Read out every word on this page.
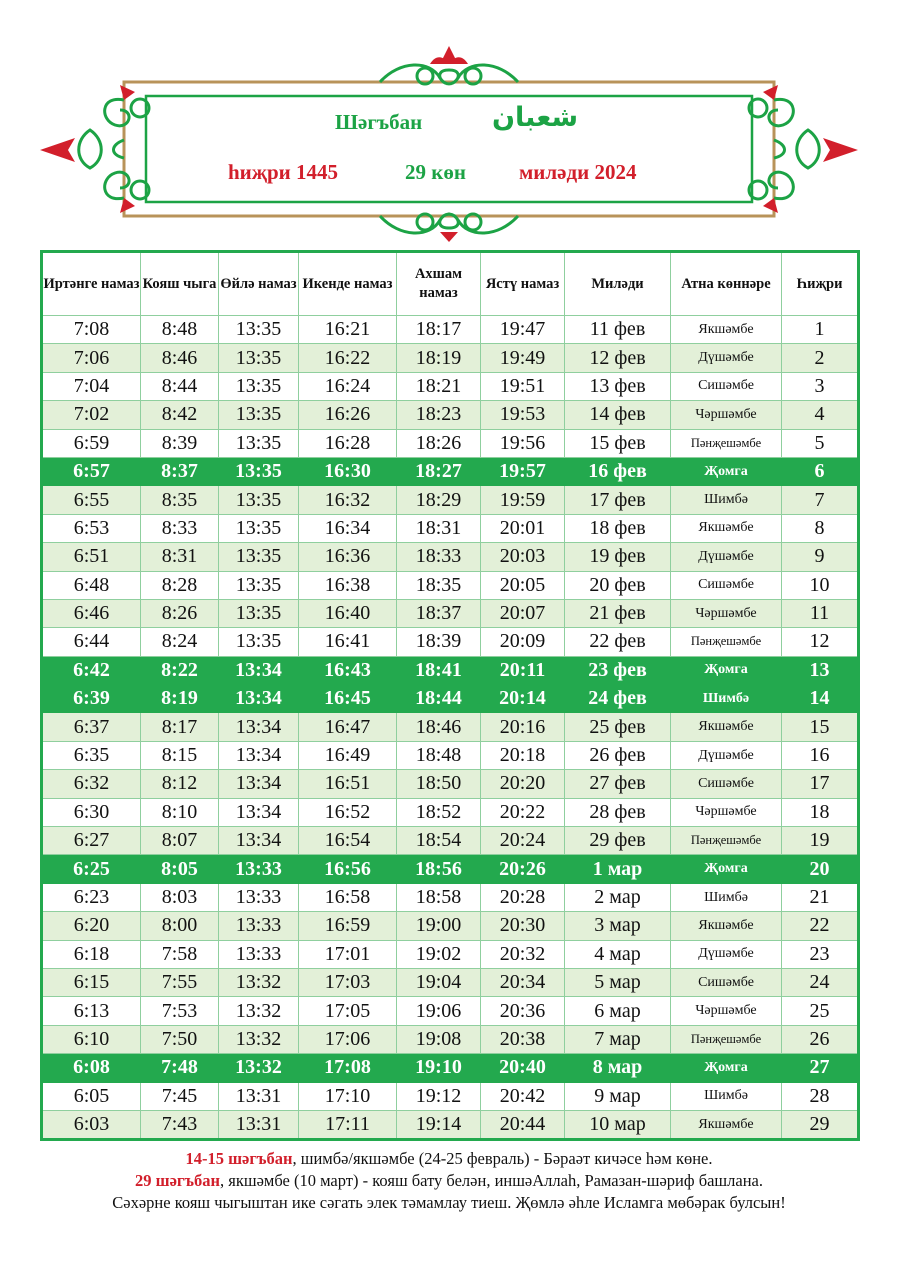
Шәгъбан	شعبان
һиҗри 1445	29 көн	миләди 2024
Иртәнге намаз	Кояш чыга	Өйлә намаз	Икенде намаз	Ахшам намаз	Ястү намаз	Миләди	Атна көннәре	Һиҗри
7:08	8:48	13:35	16:21	18:17	19:47	11 фев	Якшәмбе	1
7:06	8:46	13:35	16:22	18:19	19:49	12 фев	Дүшәмбе	2
7:04	8:44	13:35	16:24	18:21	19:51	13 фев	Сишәмбе	3
7:02	8:42	13:35	16:26	18:23	19:53	14 фев	Чәршәмбе	4
6:59	8:39	13:35	16:28	18:26	19:56	15 фев	Пәнҗешәмбе	5
6:57	8:37	13:35	16:30	18:27	19:57	16 фев	Җомга	6
6:55	8:35	13:35	16:32	18:29	19:59	17 фев	Шимбә	7
6:53	8:33	13:35	16:34	18:31	20:01	18 фев	Якшәмбе	8
6:51	8:31	13:35	16:36	18:33	20:03	19 фев	Дүшәмбе	9
6:48	8:28	13:35	16:38	18:35	20:05	20 фев	Сишәмбе	10
6:46	8:26	13:35	16:40	18:37	20:07	21 фев	Чәршәмбе	11
6:44	8:24	13:35	16:41	18:39	20:09	22 фев	Пәнҗешәмбе	12
6:42	8:22	13:34	16:43	18:41	20:11	23 фев	Җомга	13
6:39	8:19	13:34	16:45	18:44	20:14	24 фев	Шимбә	14
6:37	8:17	13:34	16:47	18:46	20:16	25 фев	Якшәмбе	15
6:35	8:15	13:34	16:49	18:48	20:18	26 фев	Дүшәмбе	16
6:32	8:12	13:34	16:51	18:50	20:20	27 фев	Сишәмбе	17
6:30	8:10	13:34	16:52	18:52	20:22	28 фев	Чәршәмбе	18
6:27	8:07	13:34	16:54	18:54	20:24	29 фев	Пәнҗешәмбе	19
6:25	8:05	13:33	16:56	18:56	20:26	1 мар	Җомга	20
6:23	8:03	13:33	16:58	18:58	20:28	2 мар	Шимбә	21
6:20	8:00	13:33	16:59	19:00	20:30	3 мар	Якшәмбе	22
6:18	7:58	13:33	17:01	19:02	20:32	4 мар	Дүшәмбе	23
6:15	7:55	13:32	17:03	19:04	20:34	5 мар	Сишәмбе	24
6:13	7:53	13:32	17:05	19:06	20:36	6 мар	Чәршәмбе	25
6:10	7:50	13:32	17:06	19:08	20:38	7 мар	Пәнҗешәмбе	26
6:08	7:48	13:32	17:08	19:10	20:40	8 мар	Җомга	27
6:05	7:45	13:31	17:10	19:12	20:42	9 мар	Шимбә	28
6:03	7:43	13:31	17:11	19:14	20:44	10 мар	Якшәмбе	29
14-15 шәгъбан, шимбә/якшәмбе (24-25 февраль) - Бәраәт кичәсе һәм көне.
29 шәгъбан, якшәмбе (10 март) - кояш бату белән, иншәАллаһ, Рамазан-шәриф башлана.
Сәхәрне кояш чыгыштан ике сәгать элек тәмамлау тиеш. Җөмлә әһле Исламга мөбәрак булсын!
